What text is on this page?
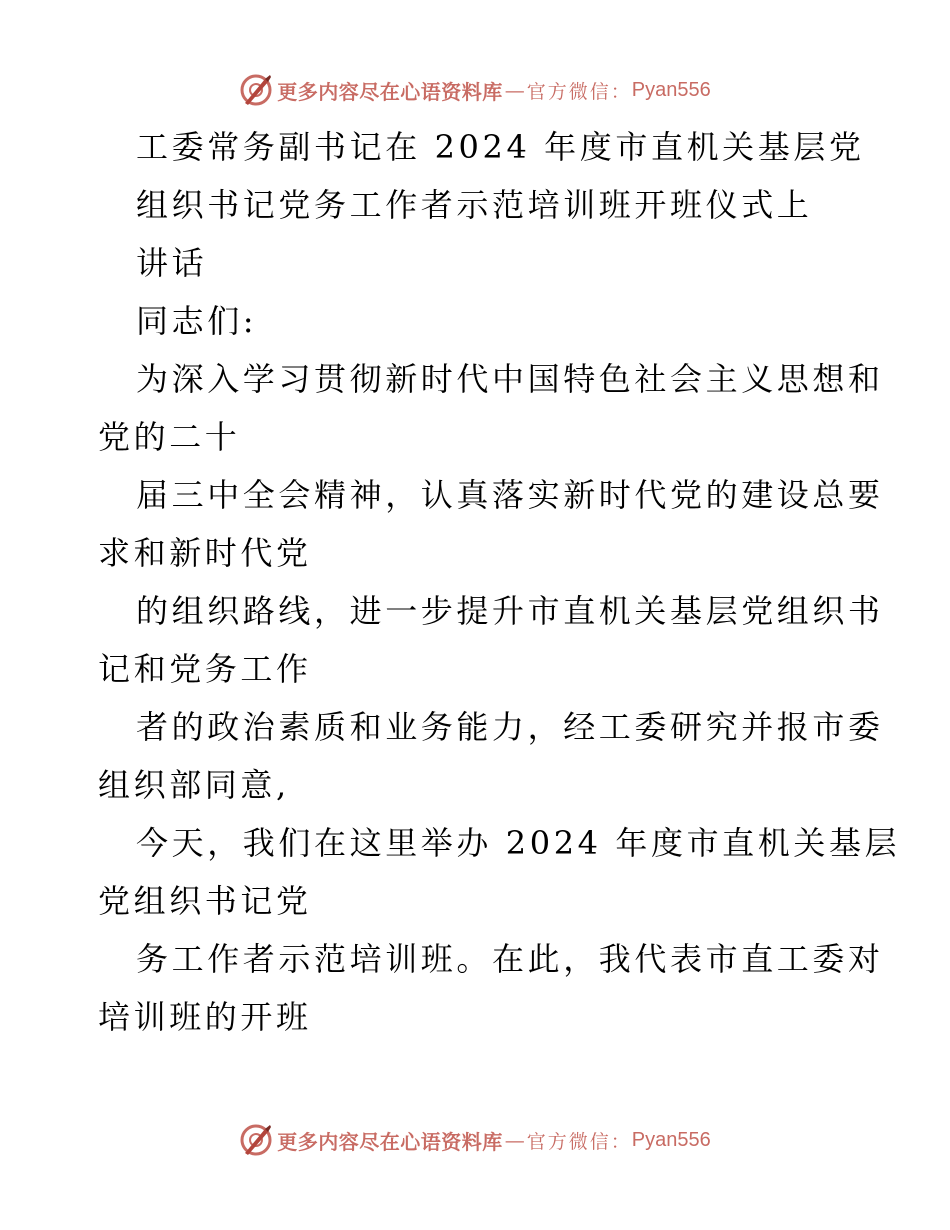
更多内容尽在心语资料库 — 官方微信： Pyan556
工委常务副书记在 2024 年度市直机关基层党
组织书记党务工作者示范培训班开班仪式上
讲话
同志们:
为深入学习贯彻新时代中国特色社会主义思想和
党的二十
届三中全会精神，认真落实新时代党的建设总要
求和新时代党
的组织路线，进一步提升市直机关基层党组织书
记和党务工作
者的政治素质和业务能力，经工委研究并报市委
组织部同意,
今天，我们在这里举办 2024 年度市直机关基层
党组织书记党
务工作者示范培训班。在此，我代表市直工委对
培训班的开班
更多内容尽在心语资料库 — 官方微信： Pyan556
